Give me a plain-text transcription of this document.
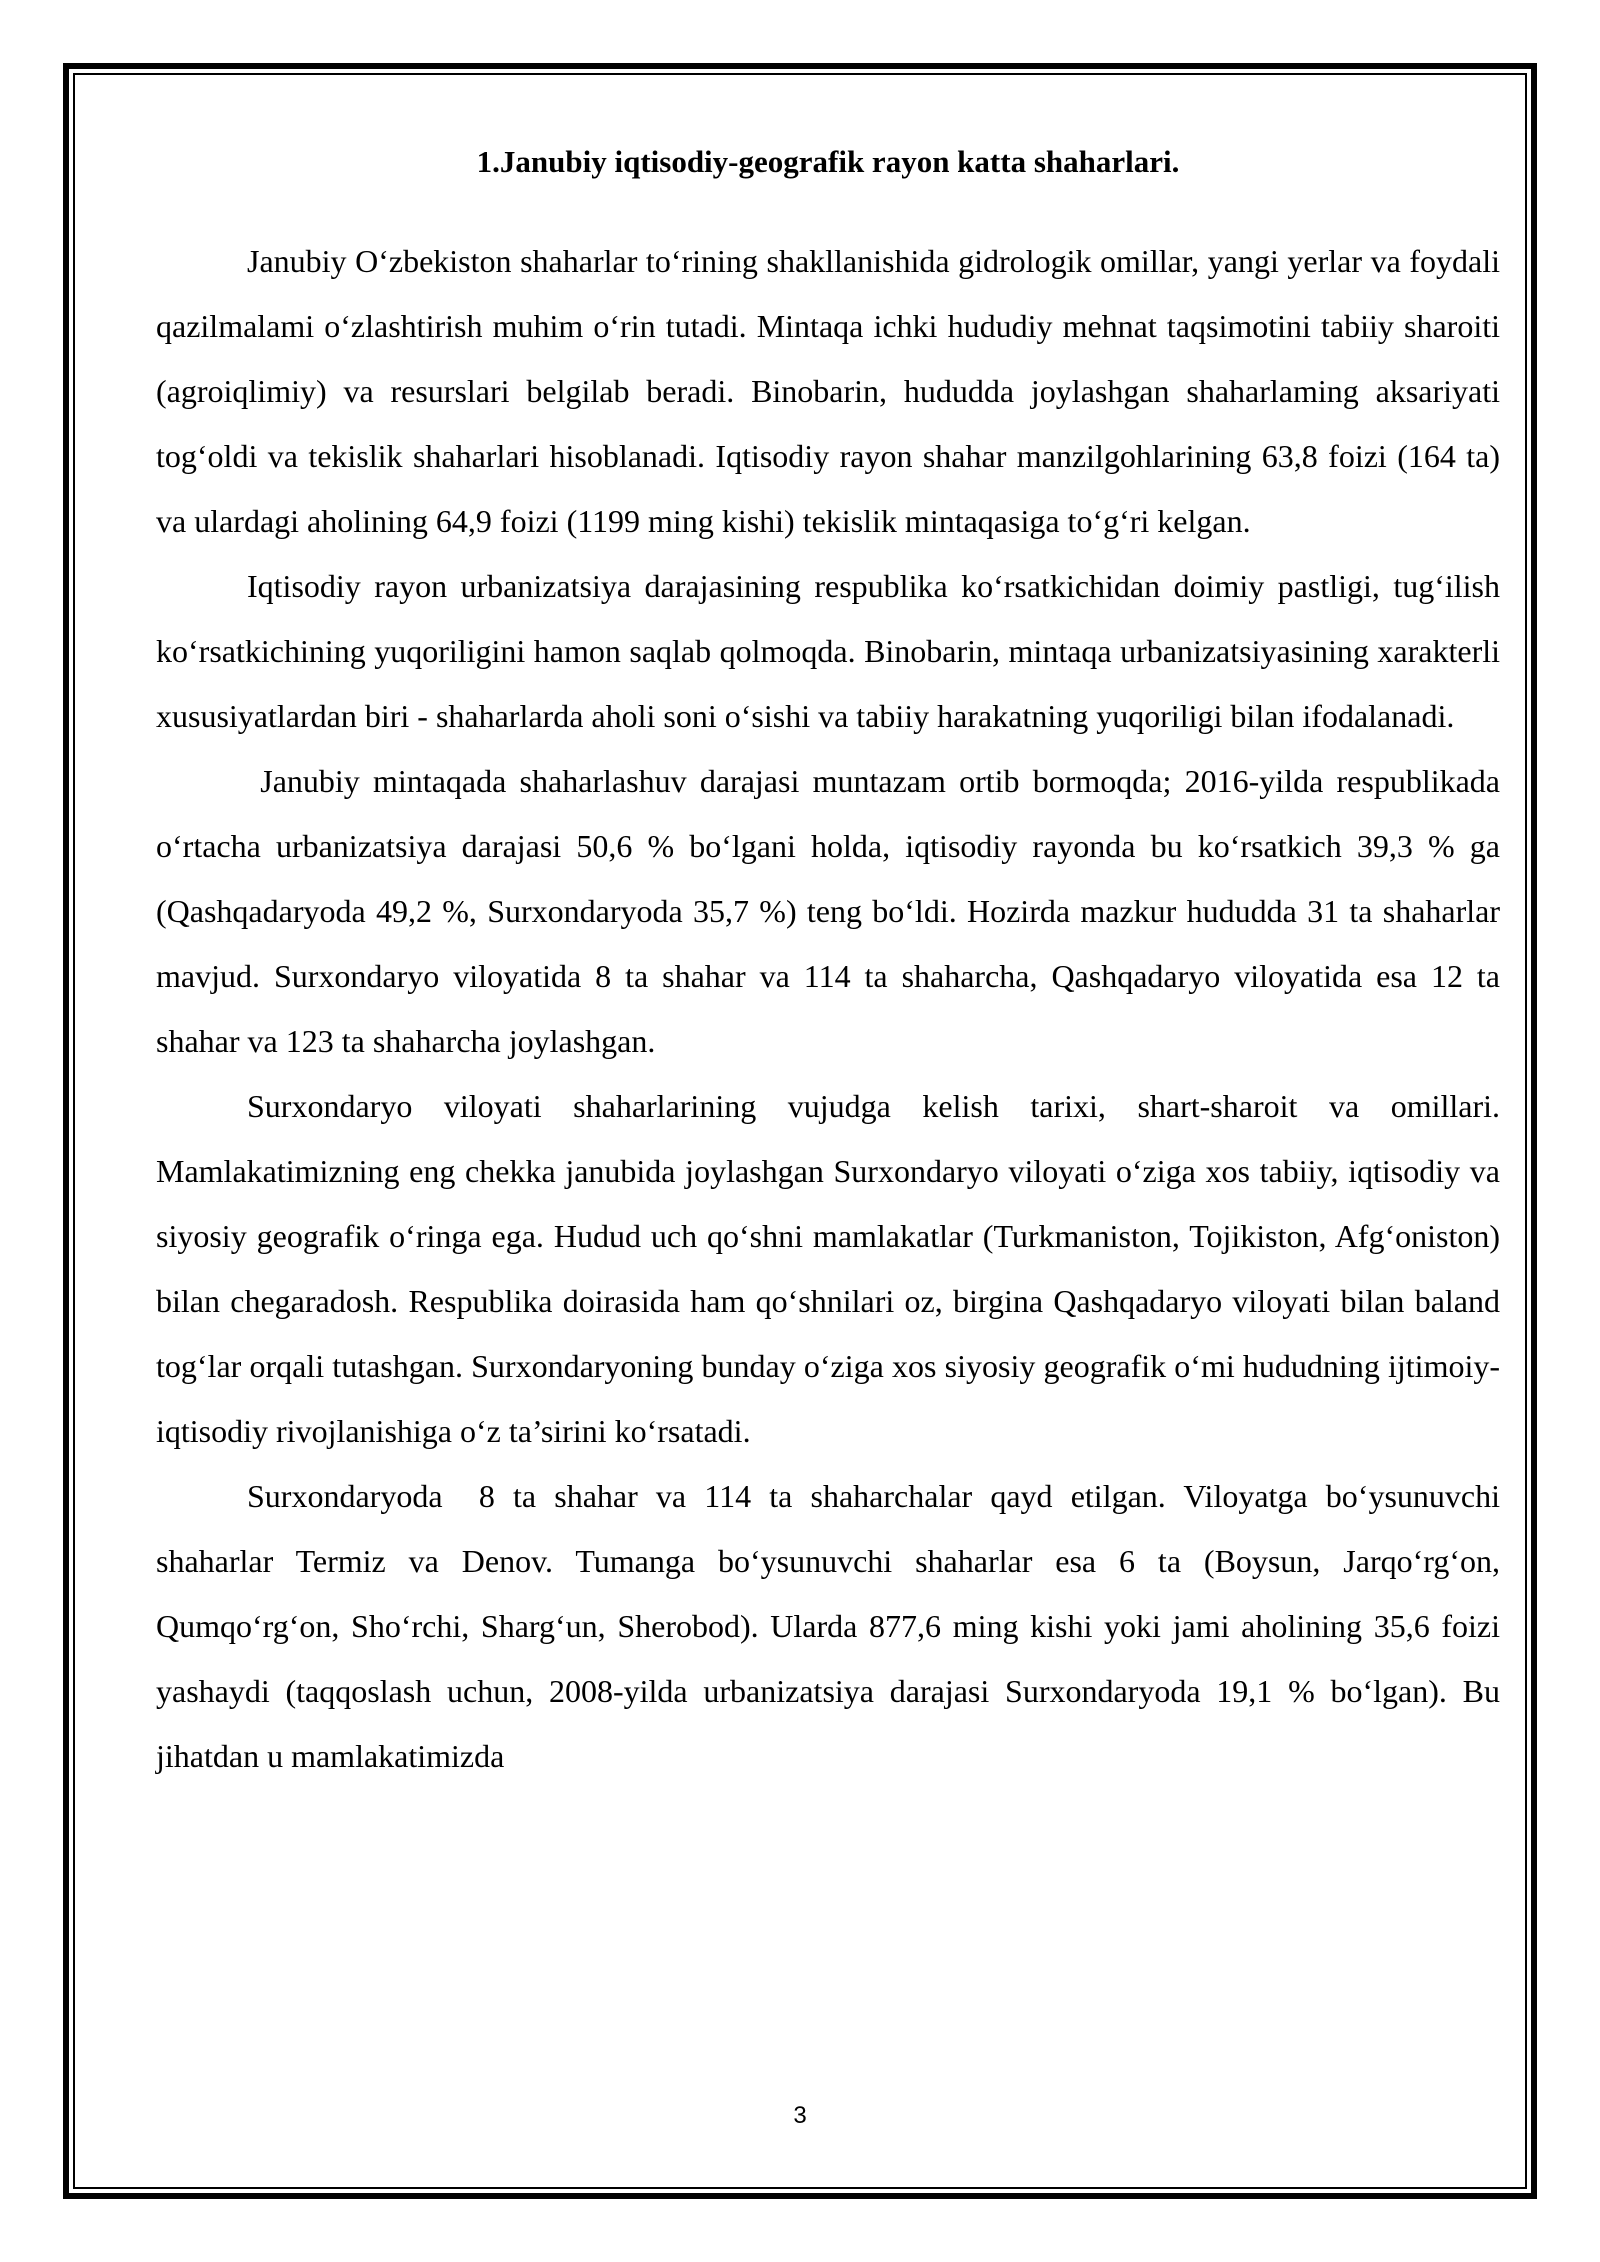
1.Janubiy iqtisodiy-geografik rayon katta shaharlari.

Janubiy O‘zbekiston shaharlar to‘rining shakllanishida gidrologik omillar, yangi yerlar va foydali qazilmalami o‘zlashtirish muhim o‘rin tutadi. Mintaqa ichki hududiy mehnat taqsimotini tabiiy sharoiti (agroiqlimiy) va resurslari belgilab beradi. Binobarin, hududda joylashgan shaharlaming aksariyati tog‘oldi va tekislik shaharlari hisoblanadi. Iqtisodiy rayon shahar manzilgohlarining 63,8 foizi (164 ta) va ulardagi aholining 64,9 foizi (1199 ming kishi) tekislik mintaqasiga to‘g‘ri kelgan.

Iqtisodiy rayon urbanizatsiya darajasining respublika ko‘rsatkichidan doimiy pastligi, tug‘ilish ko‘rsatkichining yuqoriligini hamon saqlab qolmoqda. Binobarin, mintaqa urbanizatsiyasining xarakterli xususiyatlardan biri - shaharlarda aholi soni o‘sishi va tabiiy harakatning yuqoriligi bilan ifodalanadi.

Janubiy mintaqada shaharlashuv darajasi muntazam ortib bormoqda; 2016-yilda respublikada o‘rtacha urbanizatsiya darajasi 50,6 % bo‘lgani holda, iqtisodiy rayonda bu ko‘rsatkich 39,3 % ga (Qashqadaryoda 49,2 %, Surxondaryoda 35,7 %) teng bo‘ldi. Hozirda mazkur hududda 31 ta shaharlar mavjud. Surxondaryo viloyatida 8 ta shahar va 114 ta shaharcha, Qashqadaryo viloyatida esa 12 ta shahar va 123 ta shaharcha joylashgan.

Surxondaryo viloyati shaharlarining vujudga kelish tarixi, shart-sharoit va omillari. Mamlakatimizning eng chekka janubida joylashgan Surxondaryo viloyati o‘ziga xos tabiiy, iqtisodiy va siyosiy geografik o‘ringa ega. Hudud uch qo‘shni mamlakatlar (Turkmaniston, Tojikiston, Afg‘oniston) bilan chegaradosh. Respublika doirasida ham qo‘shnilari oz, birgina Qashqadaryo viloyati bilan baland tog‘lar orqali tutashgan. Surxondaryoning bunday o‘ziga xos siyosiy geografik o‘mi hududning ijtimoiy-iqtisodiy rivojlanishiga o‘z ta’sirini ko‘rsatadi.

Surxondaryoda  8 ta shahar va 114 ta shaharchalar qayd etilgan. Viloyatga bo‘ysunuvchi shaharlar Termiz va Denov. Tumanga bo‘ysunuvchi shaharlar esa 6 ta (Boysun, Jarqo‘rg‘on, Qumqo‘rg‘on, Sho‘rchi, Sharg‘un, Sherobod). Ularda 877,6 ming kishi yoki jami aholining 35,6 foizi yashaydi (taqqoslash uchun, 2008-yilda urbanizatsiya darajasi Surxondaryoda 19,1 % bo‘lgan). Bu jihatdan u mamlakatimizda

3
